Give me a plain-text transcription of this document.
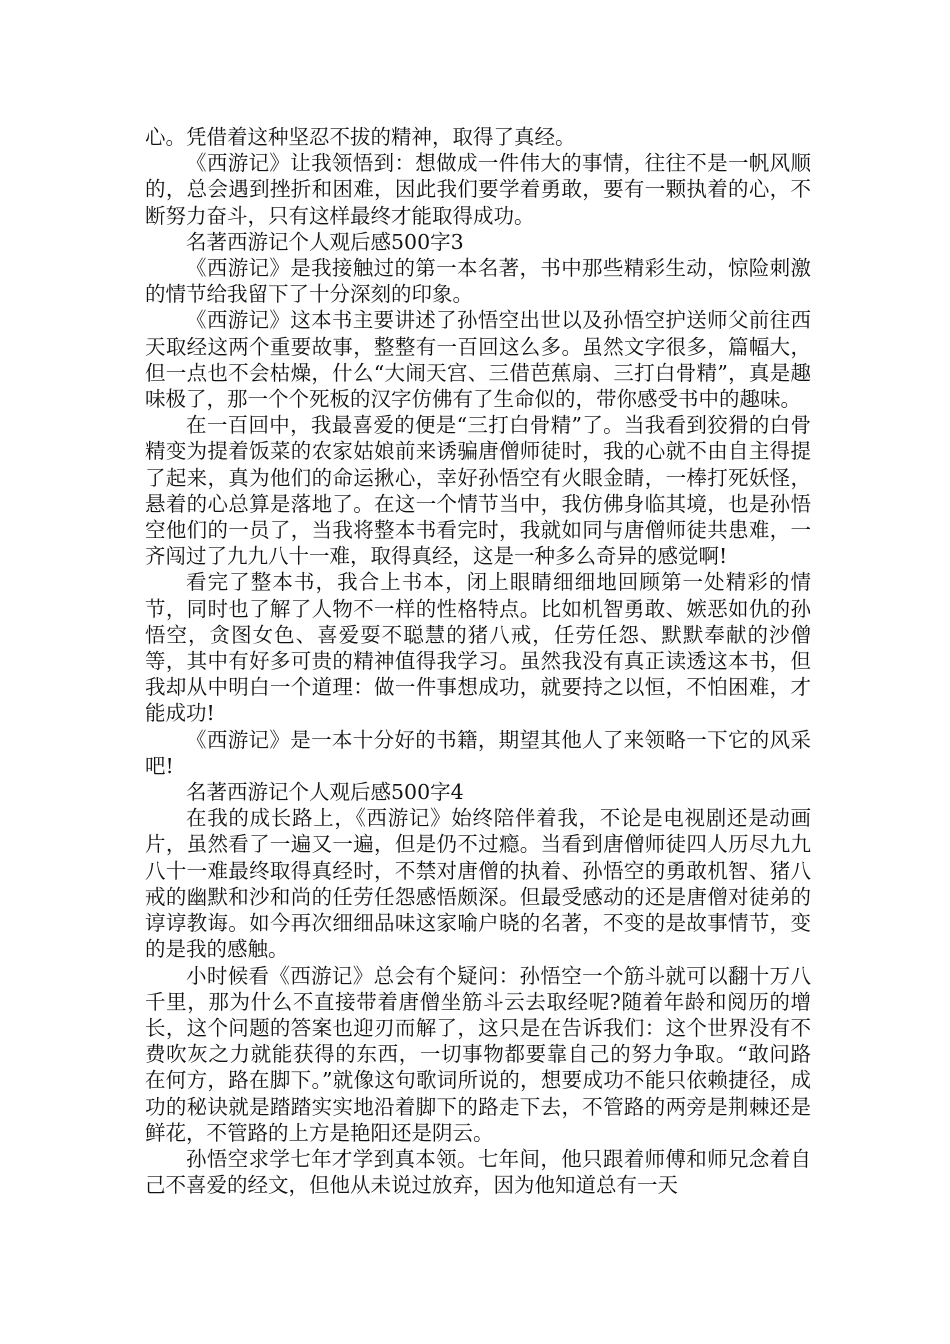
心。凭借着这种坚忍不拔的精神，取得了真经。

《西游记》让我领悟到：想做成一件伟大的事情，往往不是一帆风顺的，总会遇到挫折和困难，因此我们要学着勇敢，要有一颗执着的心，不断努力奋斗，只有这样最终才能取得成功。

名著西游记个人观后感500字3

《西游记》是我接触过的第一本名著，书中那些精彩生动，惊险刺激的情节给我留下了十分深刻的印象。

《西游记》这本书主要讲述了孙悟空出世以及孙悟空护送师父前往西天取经这两个重要故事，整整有一百回这么多。虽然文字很多，篇幅大，但一点也不会枯燥，什么“大闹天宫、三借芭蕉扇、三打白骨精”，真是趣味极了，那一个个死板的汉字仿佛有了生命似的，带你感受书中的趣味。

在一百回中，我最喜爱的便是“三打白骨精”了。当我看到狡猾的白骨精变为提着饭菜的农家姑娘前来诱骗唐僧师徒时，我的心就不由自主得提了起来，真为他们的命运揪心，幸好孙悟空有火眼金睛，一棒打死妖怪，悬着的心总算是落地了。在这一个情节当中，我仿佛身临其境，也是孙悟空他们的一员了，当我将整本书看完时，我就如同与唐僧师徒共患难，一齐闯过了九九八十一难，取得真经，这是一种多么奇异的感觉啊!

看完了整本书，我合上书本，闭上眼睛细细地回顾第一处精彩的情节，同时也了解了人物不一样的性格特点。比如机智勇敢、嫉恶如仇的孙悟空，贪图女色、喜爱耍不聪慧的猪八戒，任劳任怨、默默奉献的沙僧等，其中有好多可贵的精神值得我学习。虽然我没有真正读透这本书，但我却从中明白一个道理：做一件事想成功，就要持之以恒，不怕困难，才能成功!

《西游记》是一本十分好的书籍，期望其他人了来领略一下它的风采吧!

名著西游记个人观后感500字4

在我的成长路上，《西游记》始终陪伴着我，不论是电视剧还是动画片，虽然看了一遍又一遍，但是仍不过瘾。当看到唐僧师徒四人历尽九九八十一难最终取得真经时，不禁对唐僧的执着、孙悟空的勇敢机智、猪八戒的幽默和沙和尚的任劳任怨感悟颇深。但最受感动的还是唐僧对徒弟的谆谆教诲。如今再次细细品味这家喻户晓的名著，不变的是故事情节，变的是我的感触。

小时候看《西游记》总会有个疑问：孙悟空一个筋斗就可以翻十万八千里，那为什么不直接带着唐僧坐筋斗云去取经呢?随着年龄和阅历的增长，这个问题的答案也迎刃而解了，这只是在告诉我们：这个世界没有不费吹灰之力就能获得的东西，一切事物都要靠自己的努力争取。“敢问路在何方，路在脚下。”就像这句歌词所说的，想要成功不能只依赖捷径，成功的秘诀就是踏踏实实地沿着脚下的路走下去，不管路的两旁是荆棘还是鲜花，不管路的上方是艳阳还是阴云。

孙悟空求学七年才学到真本领。七年间，他只跟着师傅和师兄念着自己不喜爱的经文，但他从未说过放弃，因为他知道总有一天
